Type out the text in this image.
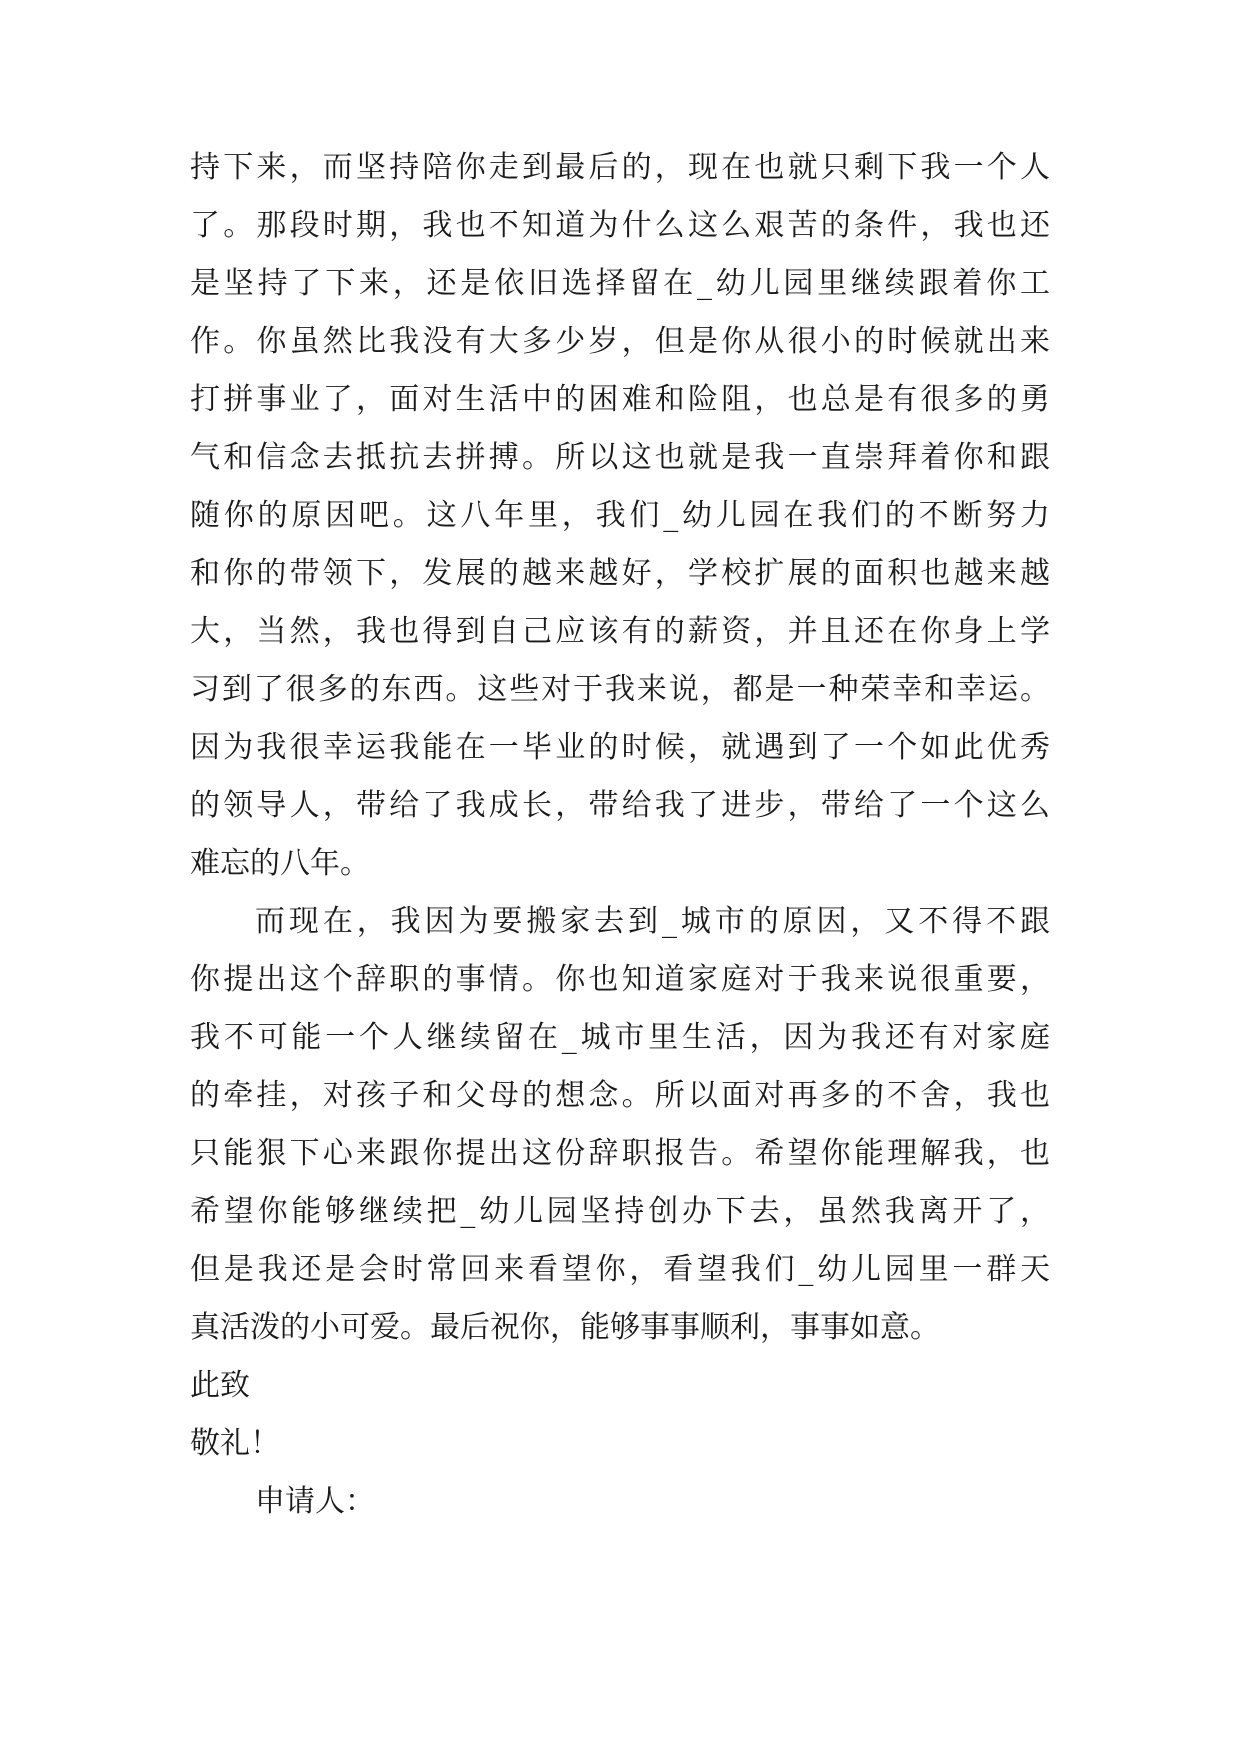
持下来，而坚持陪你走到最后的，现在也就只剩下我一个人
了。那段时期，我也不知道为什么这么艰苦的条件，我也还
是坚持了下来，还是依旧选择留在_幼儿园里继续跟着你工
作。你虽然比我没有大多少岁，但是你从很小的时候就出来
打拼事业了，面对生活中的困难和险阻，也总是有很多的勇
气和信念去抵抗去拼搏。所以这也就是我一直崇拜着你和跟
随你的原因吧。这八年里，我们_幼儿园在我们的不断努力
和你的带领下，发展的越来越好，学校扩展的面积也越来越
大，当然，我也得到自己应该有的薪资，并且还在你身上学
习到了很多的东西。这些对于我来说，都是一种荣幸和幸运。
因为我很幸运我能在一毕业的时候，就遇到了一个如此优秀
的领导人，带给了我成长，带给我了进步，带给了一个这么
难忘的八年。
而现在，我因为要搬家去到_城市的原因，又不得不跟
你提出这个辞职的事情。你也知道家庭对于我来说很重要，
我不可能一个人继续留在_城市里生活，因为我还有对家庭
的牵挂，对孩子和父母的想念。所以面对再多的不舍，我也
只能狠下心来跟你提出这份辞职报告。希望你能理解我，也
希望你能够继续把_幼儿园坚持创办下去，虽然我离开了，
但是我还是会时常回来看望你，看望我们_幼儿园里一群天
真活泼的小可爱。最后祝你，能够事事顺利，事事如意。
此致
敬礼！
申请人：
